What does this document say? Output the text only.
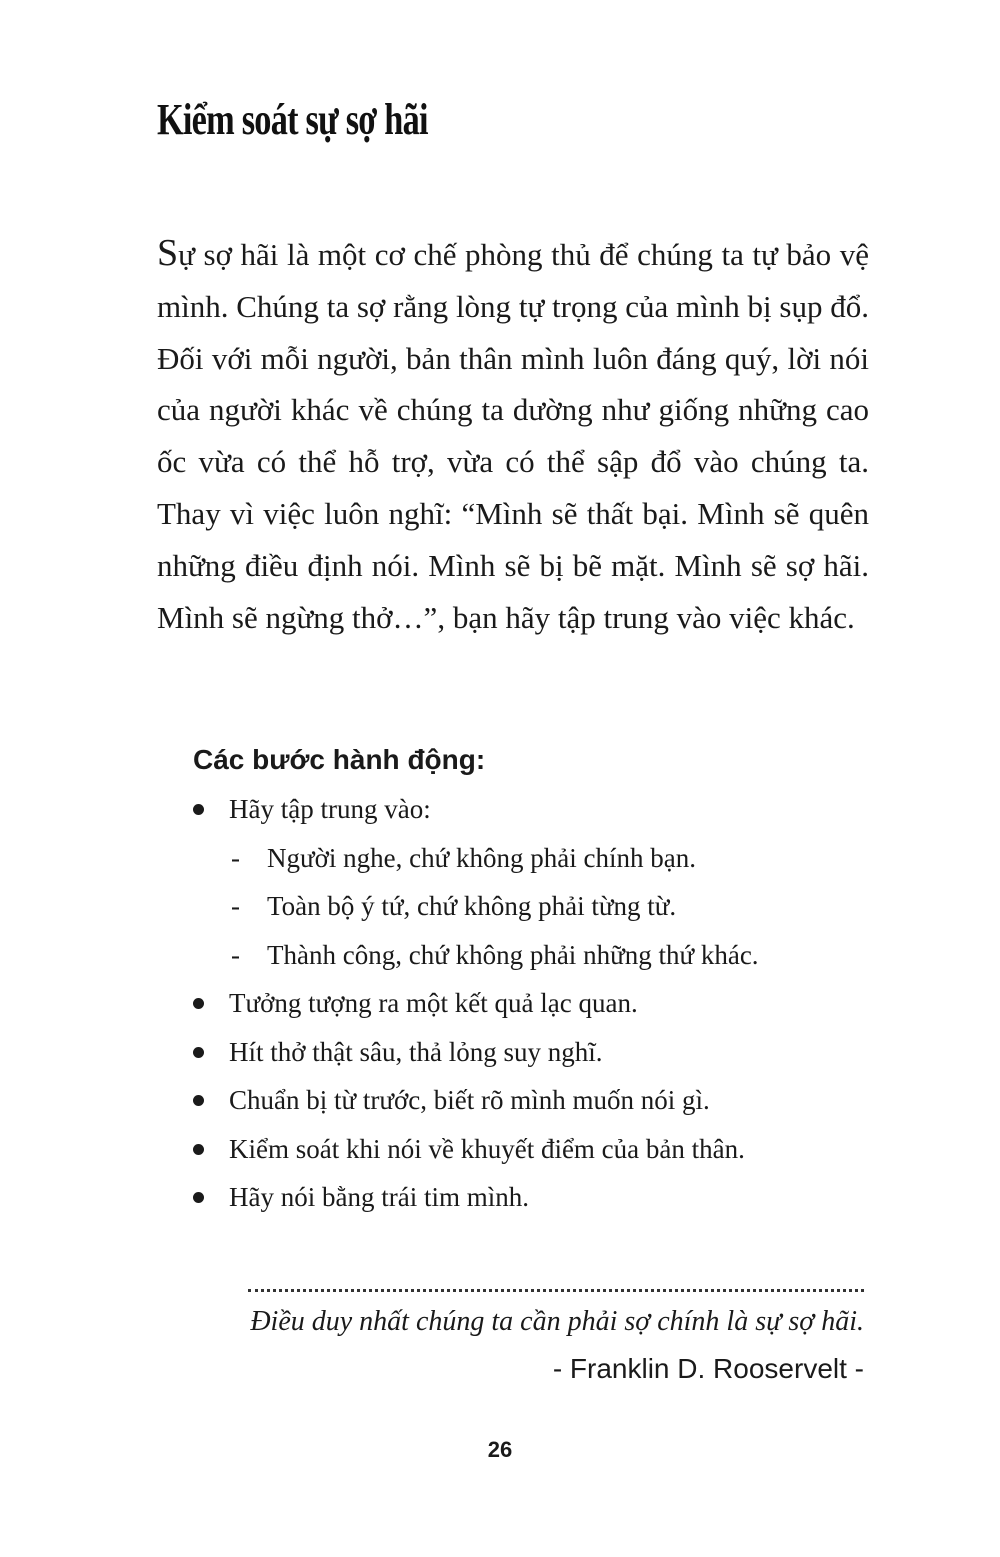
Kiểm soát sự sợ hãi

Sự sợ hãi là một cơ chế phòng thủ để chúng ta tự bảo vệ mình. Chúng ta sợ rằng lòng tự trọng của mình bị sụp đổ. Đối với mỗi người, bản thân mình luôn đáng quý, lời nói của người khác về chúng ta dường như giống những cao ốc vừa có thể hỗ trợ, vừa có thể sập đổ vào chúng ta. Thay vì việc luôn nghĩ: “Mình sẽ thất bại. Mình sẽ quên những điều định nói. Mình sẽ bị bẽ mặt. Mình sẽ sợ hãi. Mình sẽ ngừng thở…”, bạn hãy tập trung vào việc khác.

Các bước hành động:
Hãy tập trung vào:
- Người nghe, chứ không phải chính bạn.
- Toàn bộ ý tứ, chứ không phải từng từ.
- Thành công, chứ không phải những thứ khác.
Tưởng tượng ra một kết quả lạc quan.
Hít thở thật sâu, thả lỏng suy nghĩ.
Chuẩn bị từ trước, biết rõ mình muốn nói gì.
Kiểm soát khi nói về khuyết điểm của bản thân.
Hãy nói bằng trái tim mình.

Điều duy nhất chúng ta cần phải sợ chính là sự sợ hãi.

- Franklin D. Rooservelt -

26
